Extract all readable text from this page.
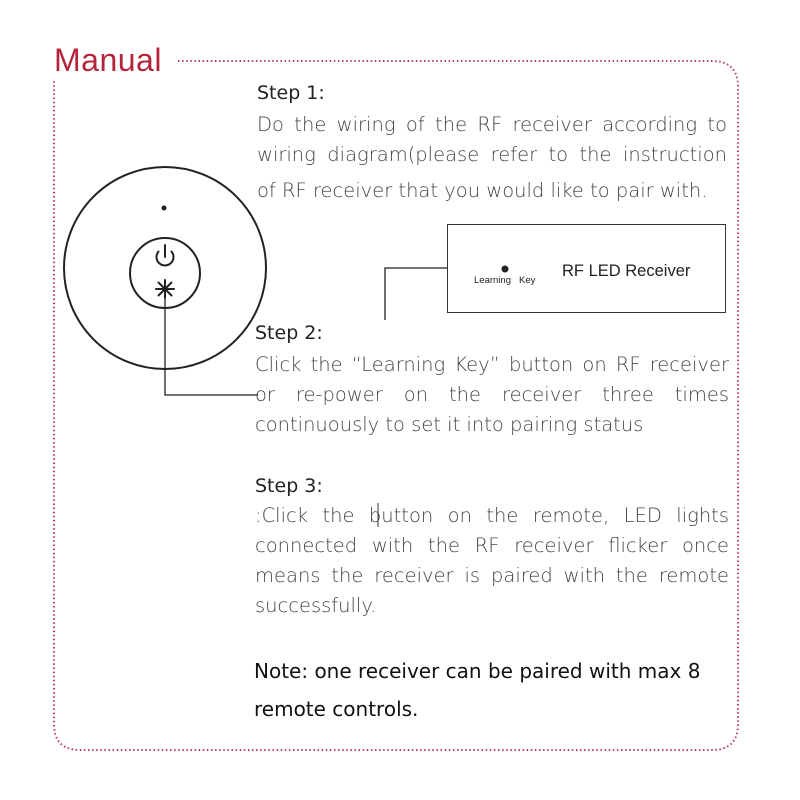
Manual
Step 1:
Do the wiring of the RF receiver according to
wiring diagram(please refer to the instruction
of RF receiver that you would like to pair with.
Learning Key
RF LED Receiver
Step 2:
Click the “Learning Key” button on RF receiver
or re-power on the receiver three times
continuously to set it into pairing status
Step 3:
:Click the button on the remote, LED lights
connected with the RF receiver flicker once
means the receiver is paired with the remote
successfully.
Note: one receiver can be paired with max 8
remote controls.
